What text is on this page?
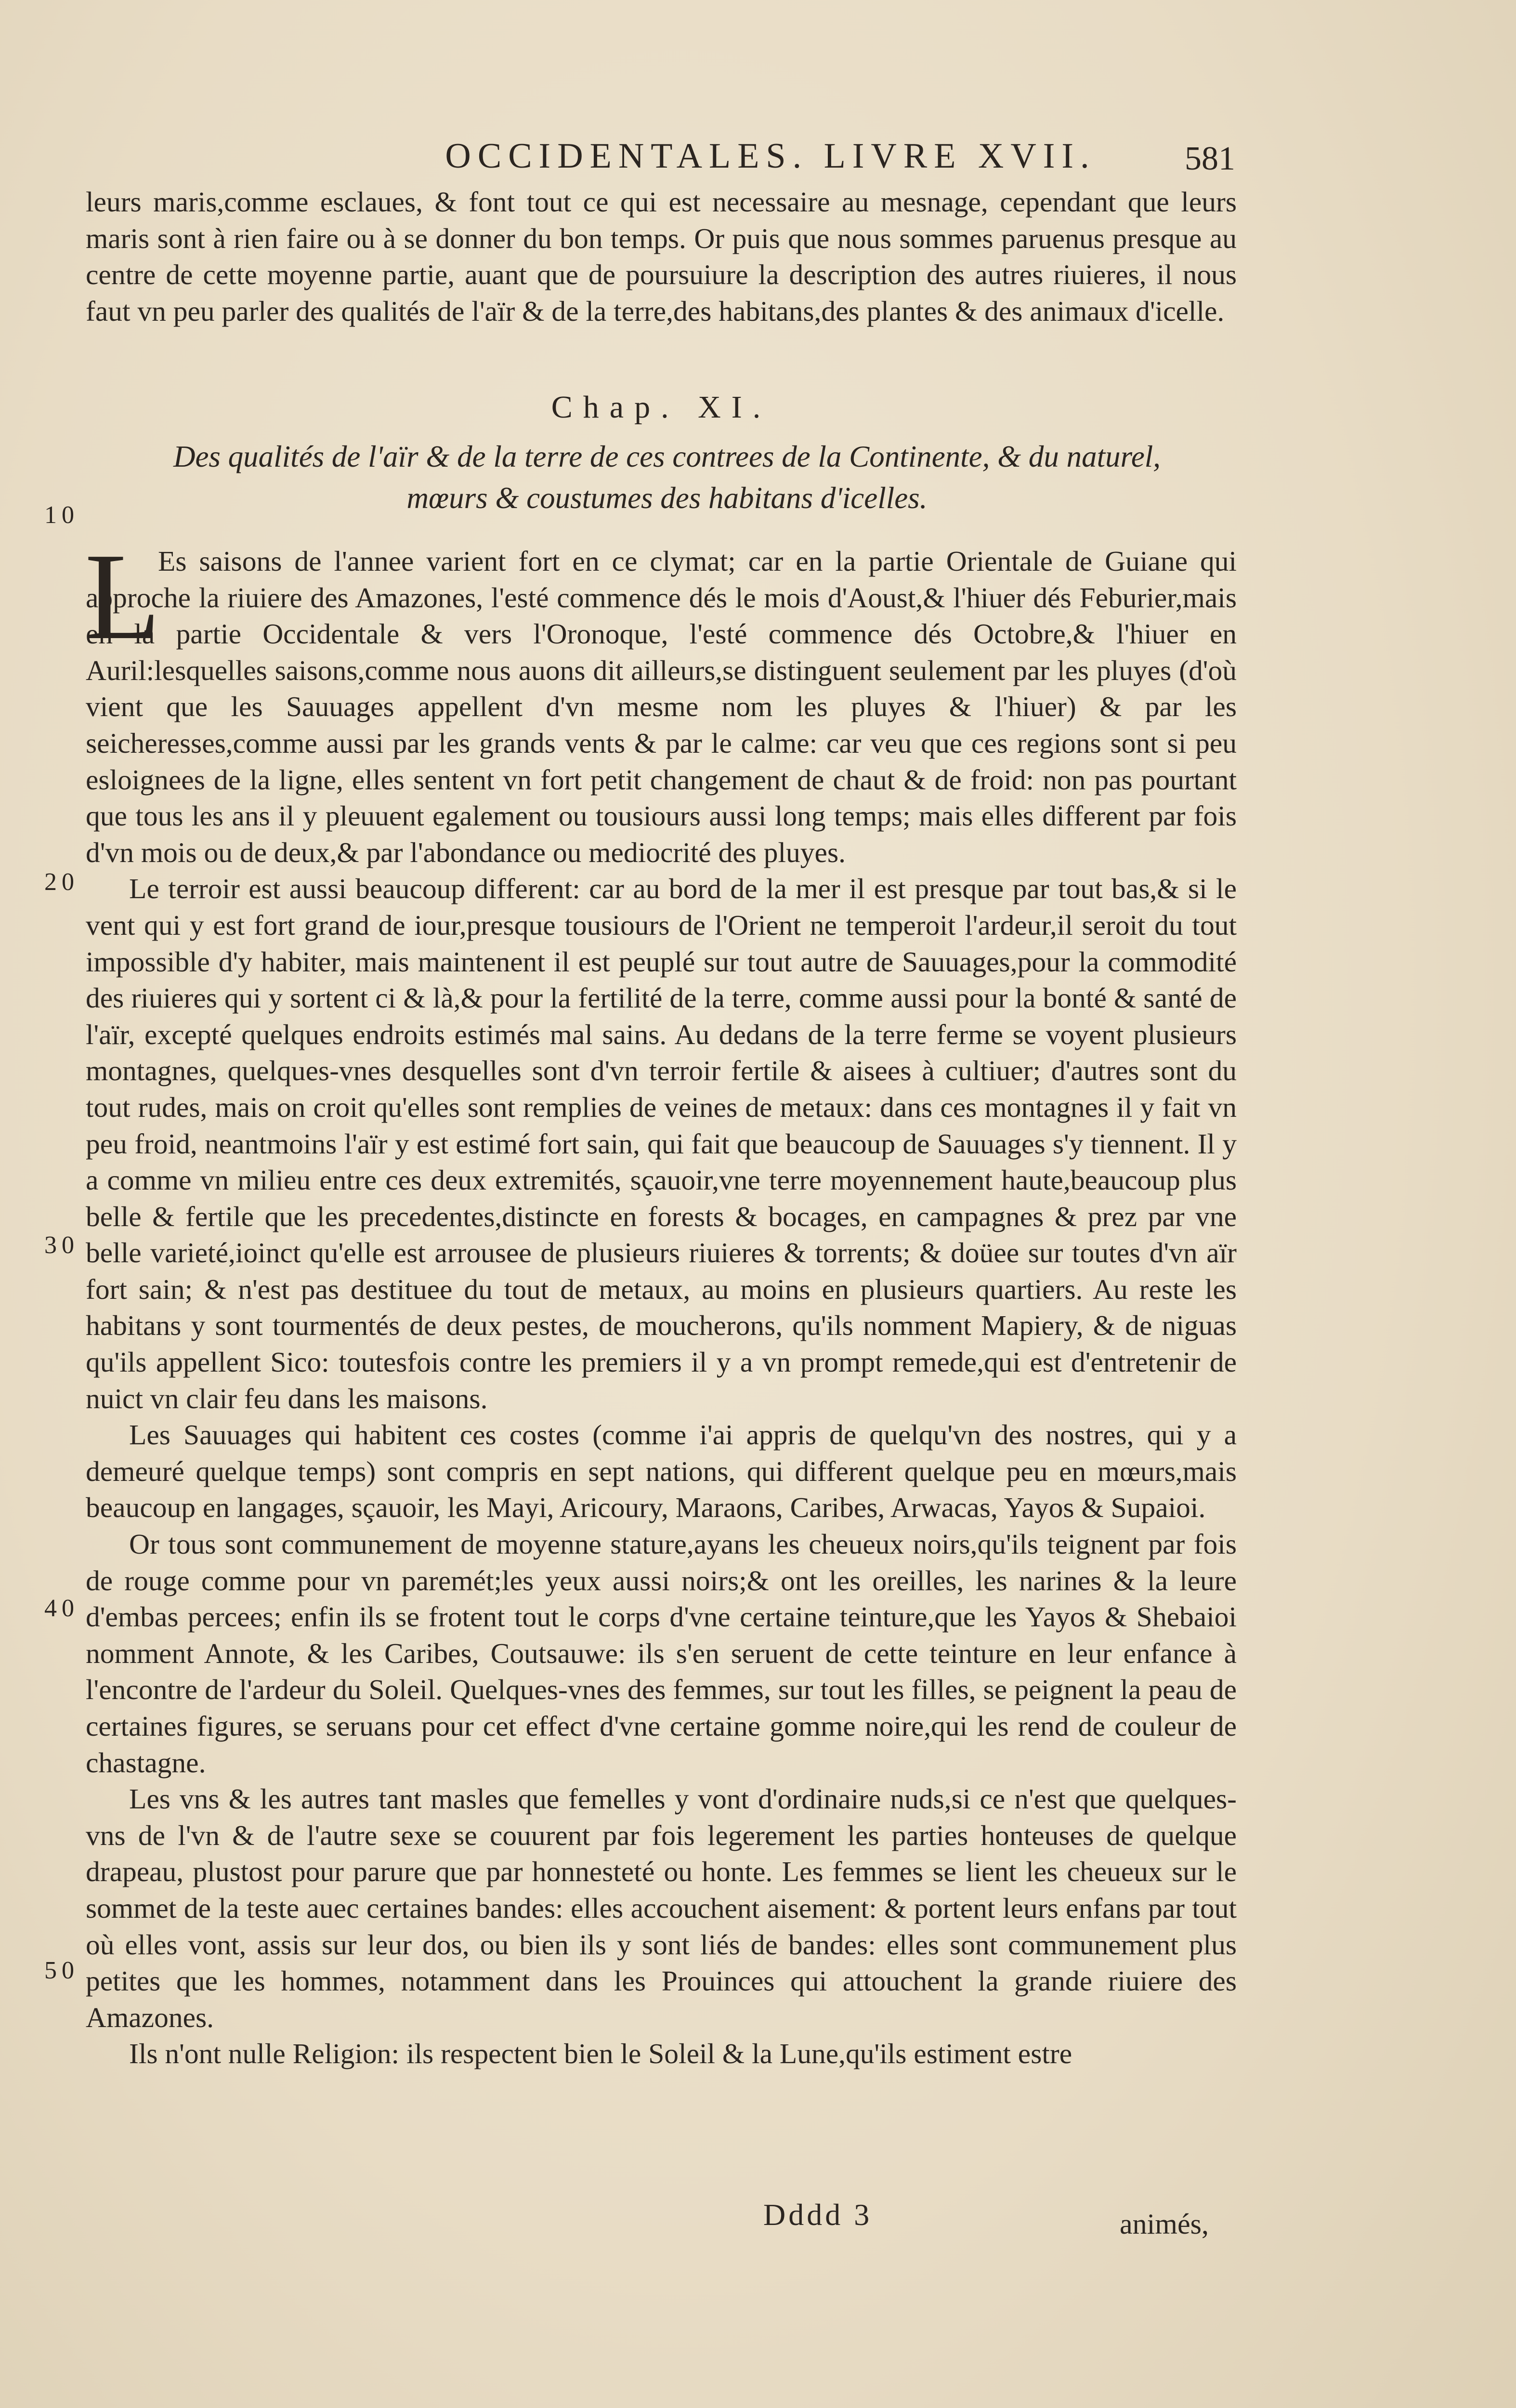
OCCIDENTALES. LIVRE XVII.	581

leurs maris,comme esclaues, & font tout ce qui est necessaire au mesnage, cependant que leurs maris sont à rien faire ou à se donner du bon temps. Or puis que nous sommes paruenus presque au centre de cette moyenne partie, auant que de poursuiure la description des autres riuieres, il nous faut vn peu parler des qualités de l'aïr & de la terre,des habitans,des plantes & des animaux d'icelle.

Chap. XI.
Des qualités de l'aïr & de la terre de ces contrees de la Continente, & du naturel,
mœurs & coustumes des habitans d'icelles.
L

Es saisons de l'annee varient fort en ce clymat; car en la partie Orientale de Guiane qui approche la riuiere des Amazones, l'esté commence dés le mois d'Aoust,& l'hiuer dés Feburier,mais en la partie Occidentale & vers l'Oronoque, l'esté commence dés Octobre,& l'hiuer en Auril:lesquelles saisons,comme nous auons dit ailleurs,se distinguent seulement par les pluyes (d'où vient que les Sauuages appellent d'vn mesme nom les pluyes & l'hiuer) & par les seicheresses,comme aussi par les grands vents & par le calme: car veu que ces regions sont si peu esloignees de la ligne, elles sentent vn fort petit changement de chaut & de froid: non pas pourtant que tous les ans il y pleuuent egalement ou tousiours aussi long temps; mais elles different par fois d'vn mois ou de deux,& par l'abondance ou mediocrité des pluyes.

Le terroir est aussi beaucoup different: car au bord de la mer il est presque par tout bas,& si le vent qui y est fort grand de iour,presque tousiours de l'Orient ne temperoit l'ardeur,il seroit du tout impossible d'y habiter, mais maintenent il est peuplé sur tout autre de Sauuages,pour la commodité des riuieres qui y sortent ci & là,& pour la fertilité de la terre, comme aussi pour la bonté & santé de l'aïr, excepté quelques endroits estimés mal sains. Au dedans de la terre ferme se voyent plusieurs montagnes, quelques-vnes desquelles sont d'vn terroir fertile & aisees à cultiuer; d'autres sont du tout rudes, mais on croit qu'elles sont remplies de veines de metaux: dans ces montagnes il y fait vn peu froid, neantmoins l'aïr y est estimé fort sain, qui fait que beaucoup de Sauuages s'y tiennent. Il y a comme vn milieu entre ces deux extremités, sçauoir,vne terre moyennement haute,beaucoup plus belle & fertile que les precedentes,distincte en forests & bocages, en campagnes & prez par vne belle varieté,ioinct qu'elle est arrousee de plusieurs riuieres & torrents; & doüee sur toutes d'vn aïr fort sain; & n'est pas destituee du tout de metaux, au moins en plusieurs quartiers. Au reste les habitans y sont tourmentés de deux pestes, de moucherons, qu'ils nomment Mapiery, & de niguas qu'ils appellent Sico: toutesfois contre les premiers il y a vn prompt remede,qui est d'entretenir de nuict vn clair feu dans les maisons.

Les Sauuages qui habitent ces costes (comme i'ai appris de quelqu'vn des nostres, qui y a demeuré quelque temps) sont compris en sept nations, qui different quelque peu en mœurs,mais beaucoup en langages, sçauoir, les Mayi, Aricoury, Maraons, Caribes, Arwacas, Yayos & Supaioi.

Or tous sont communement de moyenne stature,ayans les cheueux noirs,qu'ils teignent par fois de rouge comme pour vn paremét;les yeux aussi noirs;& ont les oreilles, les narines & la leure d'embas percees; enfin ils se frotent tout le corps d'vne certaine teinture,que les Yayos & Shebaioi nomment Annote, & les Caribes, Coutsauwe: ils s'en seruent de cette teinture en leur enfance à l'encontre de l'ardeur du Soleil. Quelques-vnes des femmes, sur tout les filles, se peignent la peau de certaines figures, se seruans pour cet effect d'vne certaine gomme noire,qui les rend de couleur de chastagne.

Les vns & les autres tant masles que femelles y vont d'ordinaire nuds,si ce n'est que quelques-vns de l'vn & de l'autre sexe se couurent par fois legerement les parties honteuses de quelque drapeau, plustost pour parure que par honnesteté ou honte. Les femmes se lient les cheueux sur le sommet de la teste auec certaines bandes: elles accouchent aisement: & portent leurs enfans par tout où elles vont, assis sur leur dos, ou bien ils y sont liés de bandes: elles sont communement plus petites que les hommes, notamment dans les Prouinces qui attouchent la grande riuiere des Amazones.

Ils n'ont nulle Religion: ils respectent bien le Soleil & la Lune,qu'ils estiment estre

10
20
30
40
50
Dddd 3	animés,
